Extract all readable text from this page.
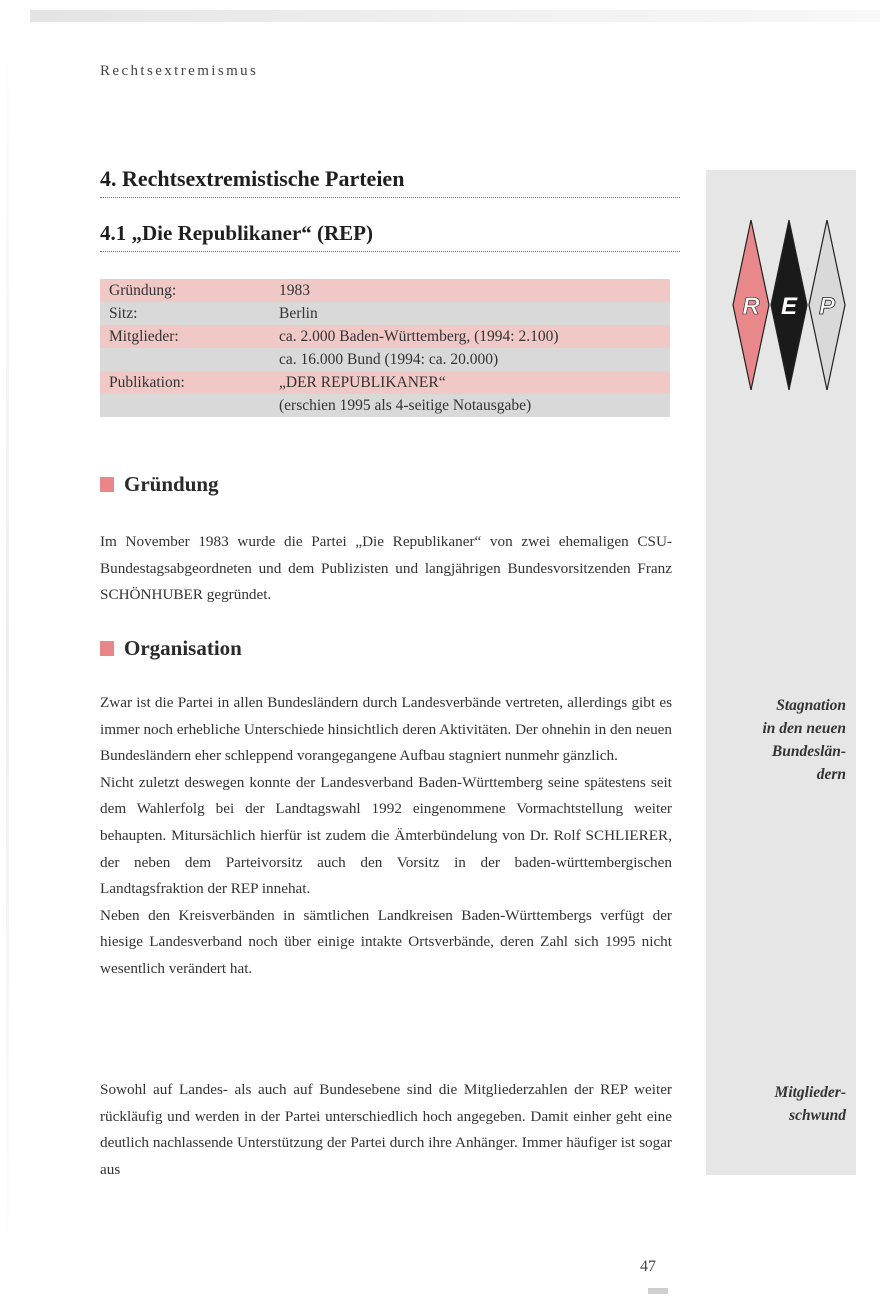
Rechtsextremismus
4. Rechtsextremistische Parteien
4.1 „Die Republikaner“ (REP)
Gründung:	1983
Sitz:	Berlin
Mitglieder:	ca. 2.000 Baden-Württemberg, (1994: 2.100)
	ca. 16.000 Bund (1994: ca. 20.000)
Publikation:	„DER REPUBLIKANER“
	(erschien 1995 als 4-seitige Notausgabe)
R E P
Gründung

Im November 1983 wurde die Partei „Die Republikaner“ von zwei ehemaligen CSU-Bundestagsabgeordneten und dem Publizisten und langjährigen Bundesvorsitzenden Franz SCHÖNHUBER gegründet.

Organisation

Zwar ist die Partei in allen Bundesländern durch Landesverbände vertreten, allerdings gibt es immer noch erhebliche Unterschiede hinsichtlich deren Aktivitäten. Der ohnehin in den neuen Bundesländern eher schleppend vorangegangene Aufbau stagniert nunmehr gänzlich.

Nicht zuletzt deswegen konnte der Landesverband Baden-Württemberg seine spätestens seit dem Wahlerfolg bei der Landtagswahl 1992 eingenommene Vormachtstellung weiter behaupten. Mitursächlich hierfür ist zudem die Ämterbündelung von Dr. Rolf SCHLIERER, der neben dem Parteivorsitz auch den Vorsitz in der baden-württembergischen Landtagsfraktion der REP innehat.

Neben den Kreisverbänden in sämtlichen Landkreisen Baden-Württembergs verfügt der hiesige Landesverband noch über einige intakte Ortsverbände, deren Zahl sich 1995 nicht wesentlich verändert hat.

Sowohl auf Landes- als auch auf Bundesebene sind die Mitgliederzahlen der REP weiter rückläufig und werden in der Partei unterschiedlich hoch angegeben. Damit einher geht eine deutlich nachlassende Unterstützung der Partei durch ihre Anhänger. Immer häufiger ist sogar aus

Stagnation
in den neuen
Bundeslän-
dern
Mitglieder-
schwund
47
